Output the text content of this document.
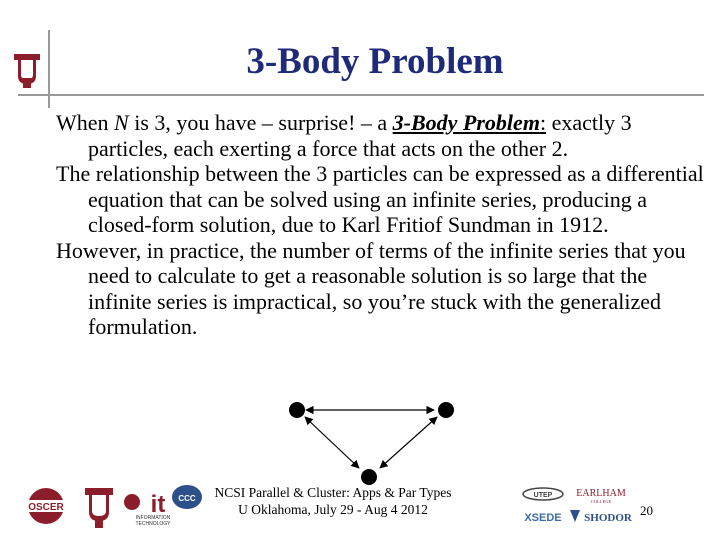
3-Body Problem

When N is 3, you have – surprise! – a 3-Body Problem: exactly 3 particles, each exerting a force that acts on the other 2.

The relationship between the 3 particles can be expressed as a differential equation that can be solved using an infinite series, producing a closed-form solution, due to Karl Fritiof Sundman in 1912.

However, in practice, the number of terms of the infinite series that you need to calculate to get a reasonable solution is so large that the infinite series is impractical, so you’re stuck with the generalized formulation.

OSCER	it
INFORMATION
TECHNOLOGY
CCC	NCSI Parallel & Cluster: Apps & Par Types
U Oklahoma, July 29 - Aug 4 2012
UTEP
XSEDE
EARLHAM
COLLEGE
SHODOR 20
